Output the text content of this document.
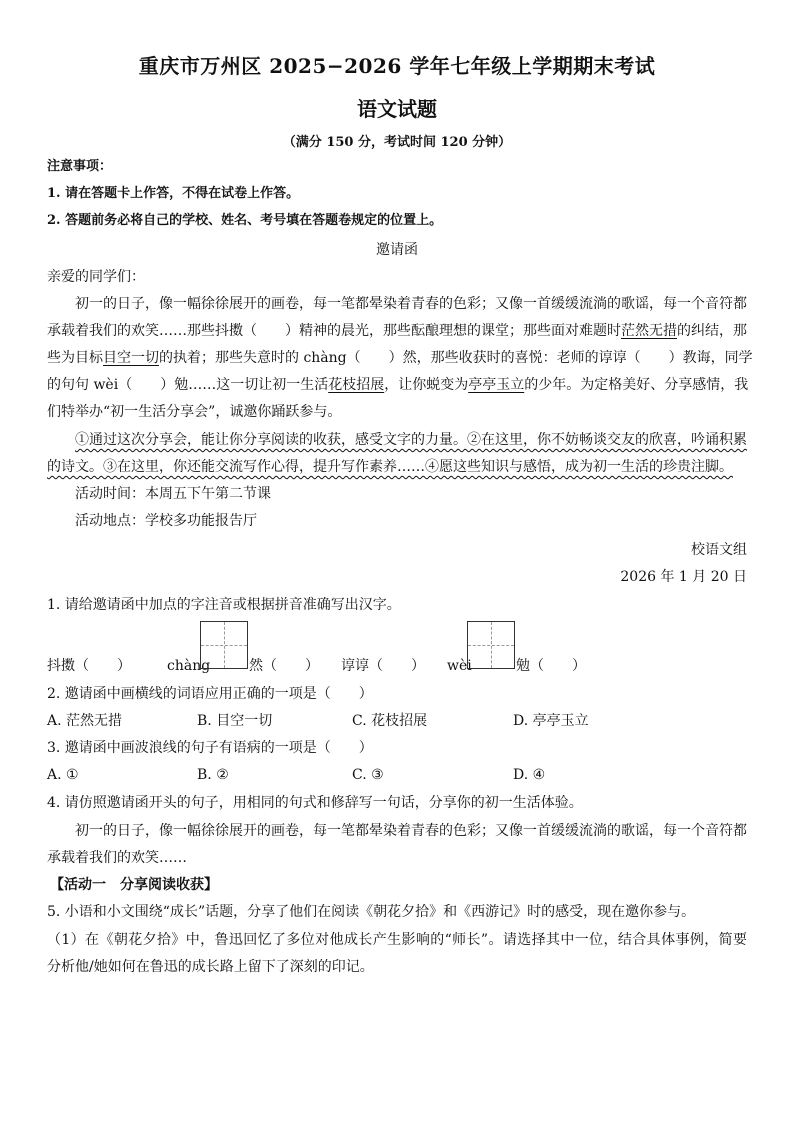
重庆市万州区 2025−2026 学年七年级上学期期末考试
语文试题
（满分 150 分，考试时间 120 分钟）
注意事项：
1. 请在答题卡上作答，不得在试卷上作答。
2. 答题前务必将自己的学校、姓名、考号填在答题卷规定的位置上。
邀请函
亲爱的同学们：
初一的日子，像一幅徐徐展开的画卷，每一笔都晕染着青春的色彩；又像一首缓缓流淌的歌谣，每一个音符都
承载着我们的欢笑……那些抖擞（　　）精神的晨光，那些酝酿理想的课堂；那些面对难题时茫然无措的纠结，那
些为目标目空一切的执着；那些失意时的 chàng（　　）然，那些收获时的喜悦：老师的谆谆（　　）教诲，同学
的句句 wèi（　　）勉……这一切让初一生活花枝招展，让你蜕变为亭亭玉立的少年。为定格美好、分享感情，我
们特举办“初一生活分享会”，诚邀你踊跃参与。
①通过这次分享会，能让你分享阅读的收获，感受文字的力量。②在这里，你不妨畅谈交友的欣喜，吟诵积累
的诗文。③在这里，你还能交流写作心得，提升写作素养……④愿这些知识与感悟，成为初一生活的珍贵注脚。
活动时间：本周五下午第二节课
活动地点：学校多功能报告厅
校语文组
2026 年 1 月 20 日
1. 请给邀请函中加点的字注音或根据拼音准确写出汉字。
抖擞（　　）	chàng	然（　　） 谆谆（　　） wèi	勉（　　）
2. 邀请函中画横线的词语应用正确的一项是（　　）
A. 茫然无措	B. 目空一切	C. 花枝招展	D. 亭亭玉立
3. 邀请函中画波浪线的句子有语病的一项是（　　）
A. ①	B. ②	C. ③	D. ④
4. 请仿照邀请函开头的句子，用相同的句式和修辞写一句话，分享你的初一生活体验。
初一的日子，像一幅徐徐展开的画卷，每一笔都晕染着青春的色彩；又像一首缓缓流淌的歌谣，每一个音符都
承载着我们的欢笑……
【活动一　分享阅读收获】
5. 小语和小文围绕“成长”话题，分享了他们在阅读《朝花夕拾》和《西游记》时的感受，现在邀你参与。
（1）在《朝花夕拾》中，鲁迅回忆了多位对他成长产生影响的“师长”。请选择其中一位，结合具体事例，简要
分析他/她如何在鲁迅的成长路上留下了深刻的印记。
